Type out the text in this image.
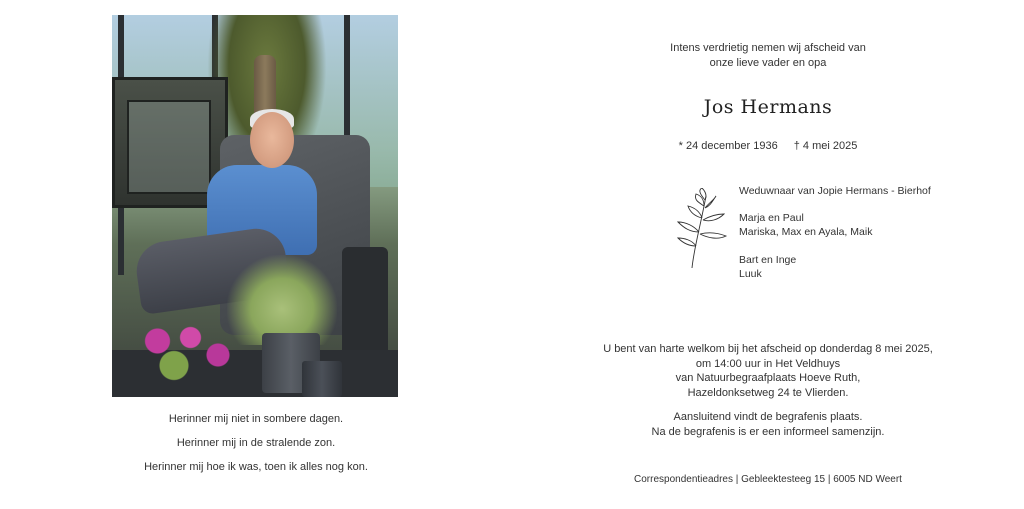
Herinner mij niet in sombere dagen.
Herinner mij in de stralende zon.
Herinner mij hoe ik was, toen ik alles nog kon.
Intens verdrietig nemen wij afscheid van
onze lieve vader en opa
Jos Hermans
* 24 december 1936 † 4 mei 2025
Weduwnaar van Jopie Hermans - Bierhof
Marja en Paul
Mariska, Max en Ayala, Maik
Bart en Inge
Luuk
U bent van harte welkom bij het afscheid op donderdag 8 mei 2025,
om 14:00 uur in Het Veldhuys
van Natuurbegraafplaats Hoeve Ruth,
Hazeldonksetweg 24 te Vlierden.
Aansluitend vindt de begrafenis plaats.
Na de begrafenis is er een informeel samenzijn.
Correspondentieadres | Gebleektesteeg 15 | 6005 ND Weert
